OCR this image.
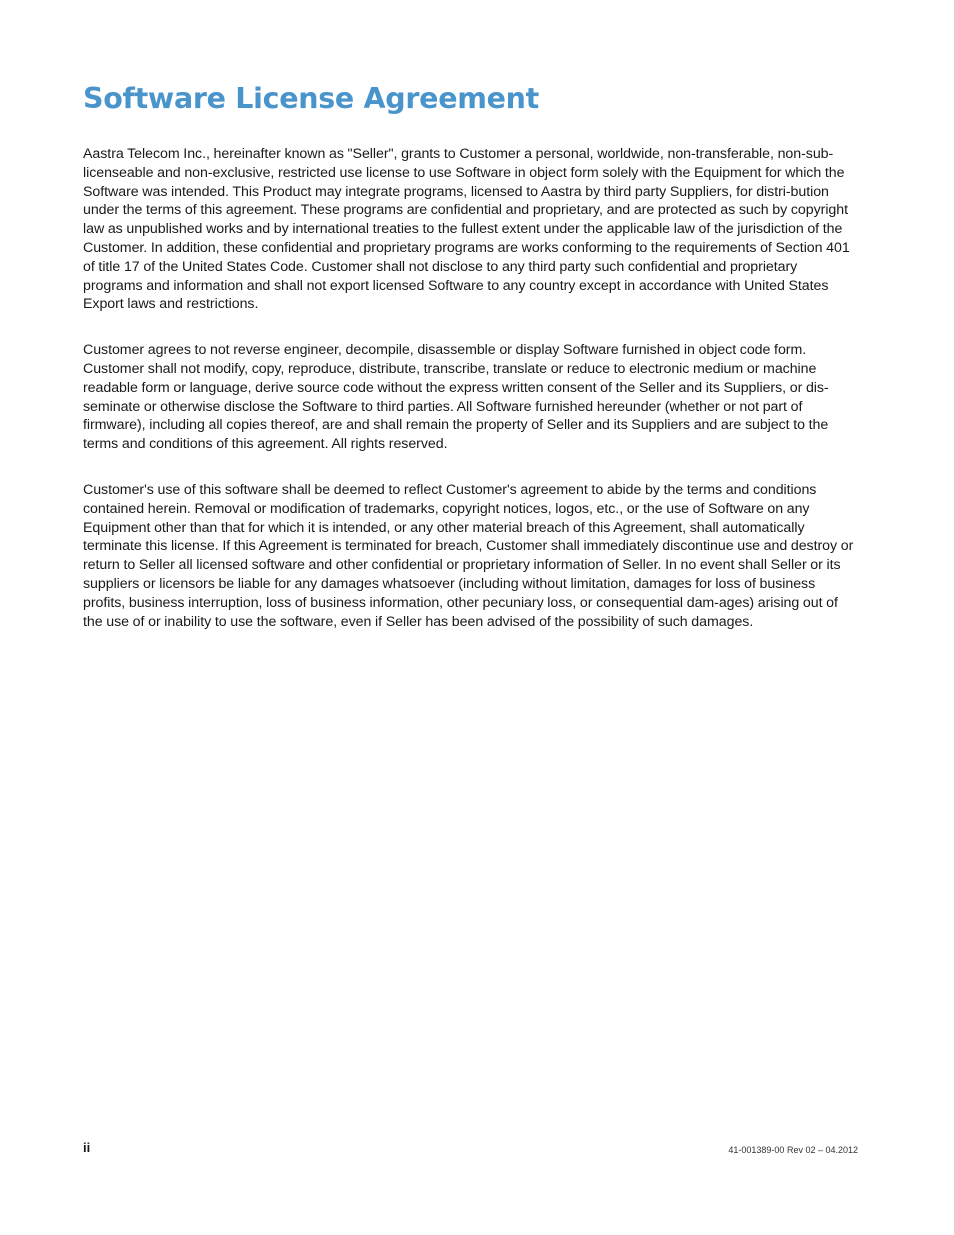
Software License Agreement

Aastra Telecom Inc., hereinafter known as "Seller", grants to Customer a personal, worldwide, non-transferable, non-sub-licenseable and non-exclusive, restricted use license to use Software in object form solely with the Equipment for which the Software was intended. This Product may integrate programs, licensed to Aastra by third party Suppliers, for distri-bution under the terms of this agreement. These programs are confidential and proprietary, and are protected as such by copyright law as unpublished works and by international treaties to the fullest extent under the applicable law of the jurisdiction of the Customer. In addition, these confidential and proprietary programs are works conforming to the requirements of Section 401 of title 17 of the United States Code. Customer shall not disclose to any third party such confidential and proprietary programs and information and shall not export licensed Software to any country except in accordance with United States Export laws and restrictions.

Customer agrees to not reverse engineer, decompile, disassemble or display Software furnished in object code form. Customer shall not modify, copy, reproduce, distribute, transcribe, translate or reduce to electronic medium or machine readable form or language, derive source code without the express written consent of the Seller and its Suppliers, or dis-seminate or otherwise disclose the Software to third parties. All Software furnished hereunder (whether or not part of firmware), including all copies thereof, are and shall remain the property of Seller and its Suppliers and are subject to the terms and conditions of this agreement. All rights reserved.

Customer's use of this software shall be deemed to reflect Customer's agreement to abide by the terms and conditions contained herein. Removal or modification of trademarks, copyright notices, logos, etc., or the use of Software on any Equipment other than that for which it is intended, or any other material breach of this Agreement, shall automatically terminate this license. If this Agreement is terminated for breach, Customer shall immediately discontinue use and destroy or return to Seller all licensed software and other confidential or proprietary information of Seller. In no event shall Seller or its suppliers or licensors be liable for any damages whatsoever (including without limitation, damages for loss of business profits, business interruption, loss of business information, other pecuniary loss, or consequential dam-ages) arising out of the use of or inability to use the software, even if Seller has been advised of the possibility of such damages.

ii	41-001389-00 Rev 02 – 04.2012
